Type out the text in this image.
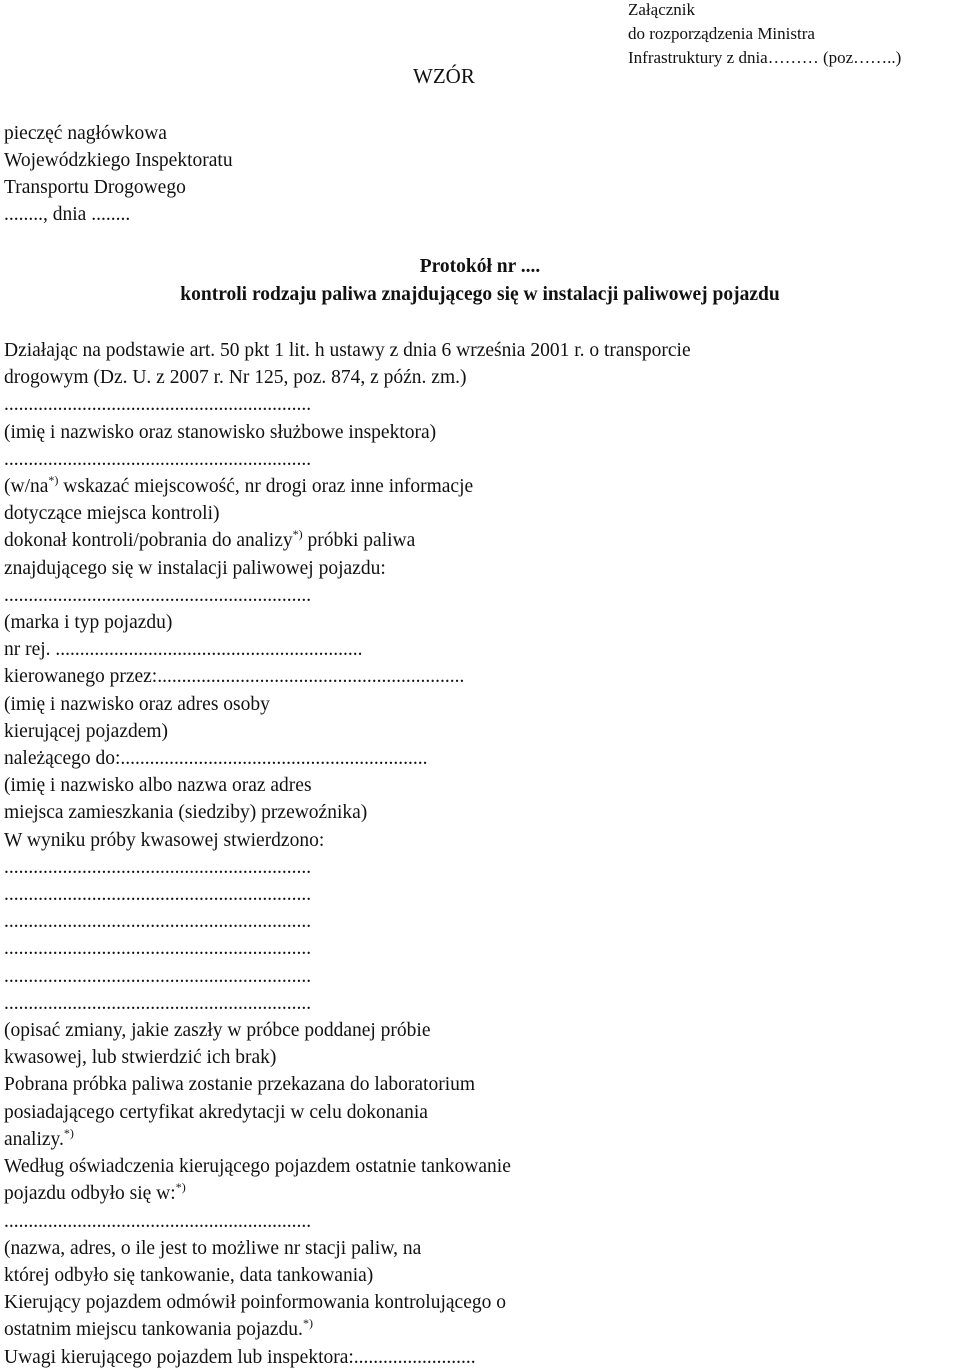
Załącznik
do rozporządzenia Ministra
Infrastruktury z dnia……… (poz……..)
WZÓR
pieczęć nagłówkowa
Wojewódzkiego Inspektoratu
Transportu Drogowego
........, dnia ........
Protokół nr ....
kontroli rodzaju paliwa znajdującego się w instalacji paliwowej pojazdu
Działając na podstawie art. 50 pkt 1 lit. h ustawy z dnia 6 września 2001 r. o transporcie
drogowym (Dz. U. z 2007 r. Nr 125, poz. 874, z późn. zm.)
...............................................................
(imię i nazwisko oraz stanowisko służbowe inspektora)
...............................................................
(w/na*) wskazać miejscowość, nr drogi oraz inne informacje
dotyczące miejsca kontroli)
dokonał kontroli/pobrania do analizy*) próbki paliwa
znajdującego się w instalacji paliwowej pojazdu:
...............................................................
(marka i typ pojazdu)
nr rej. ...............................................................
kierowanego przez:...............................................................
(imię i nazwisko oraz adres osoby
kierującej pojazdem)
należącego do:...............................................................
(imię i nazwisko albo nazwa oraz adres
miejsca zamieszkania (siedziby) przewoźnika)
W wyniku próby kwasowej stwierdzono:
...............................................................
...............................................................
...............................................................
...............................................................
...............................................................
...............................................................
(opisać zmiany, jakie zaszły w próbce poddanej próbie
kwasowej, lub stwierdzić ich brak)
Pobrana próbka paliwa zostanie przekazana do laboratorium
posiadającego certyfikat akredytacji w celu dokonania
analizy.*)
Według oświadczenia kierującego pojazdem ostatnie tankowanie
pojazdu odbyło się w:*)
...............................................................
(nazwa, adres, o ile jest to możliwe nr stacji paliw, na
której odbyło się tankowanie, data tankowania)
Kierujący pojazdem odmówił poinformowania kontrolującego o
ostatnim miejscu tankowania pojazdu.*)
Uwagi kierującego pojazdem lub inspektora:.........................
